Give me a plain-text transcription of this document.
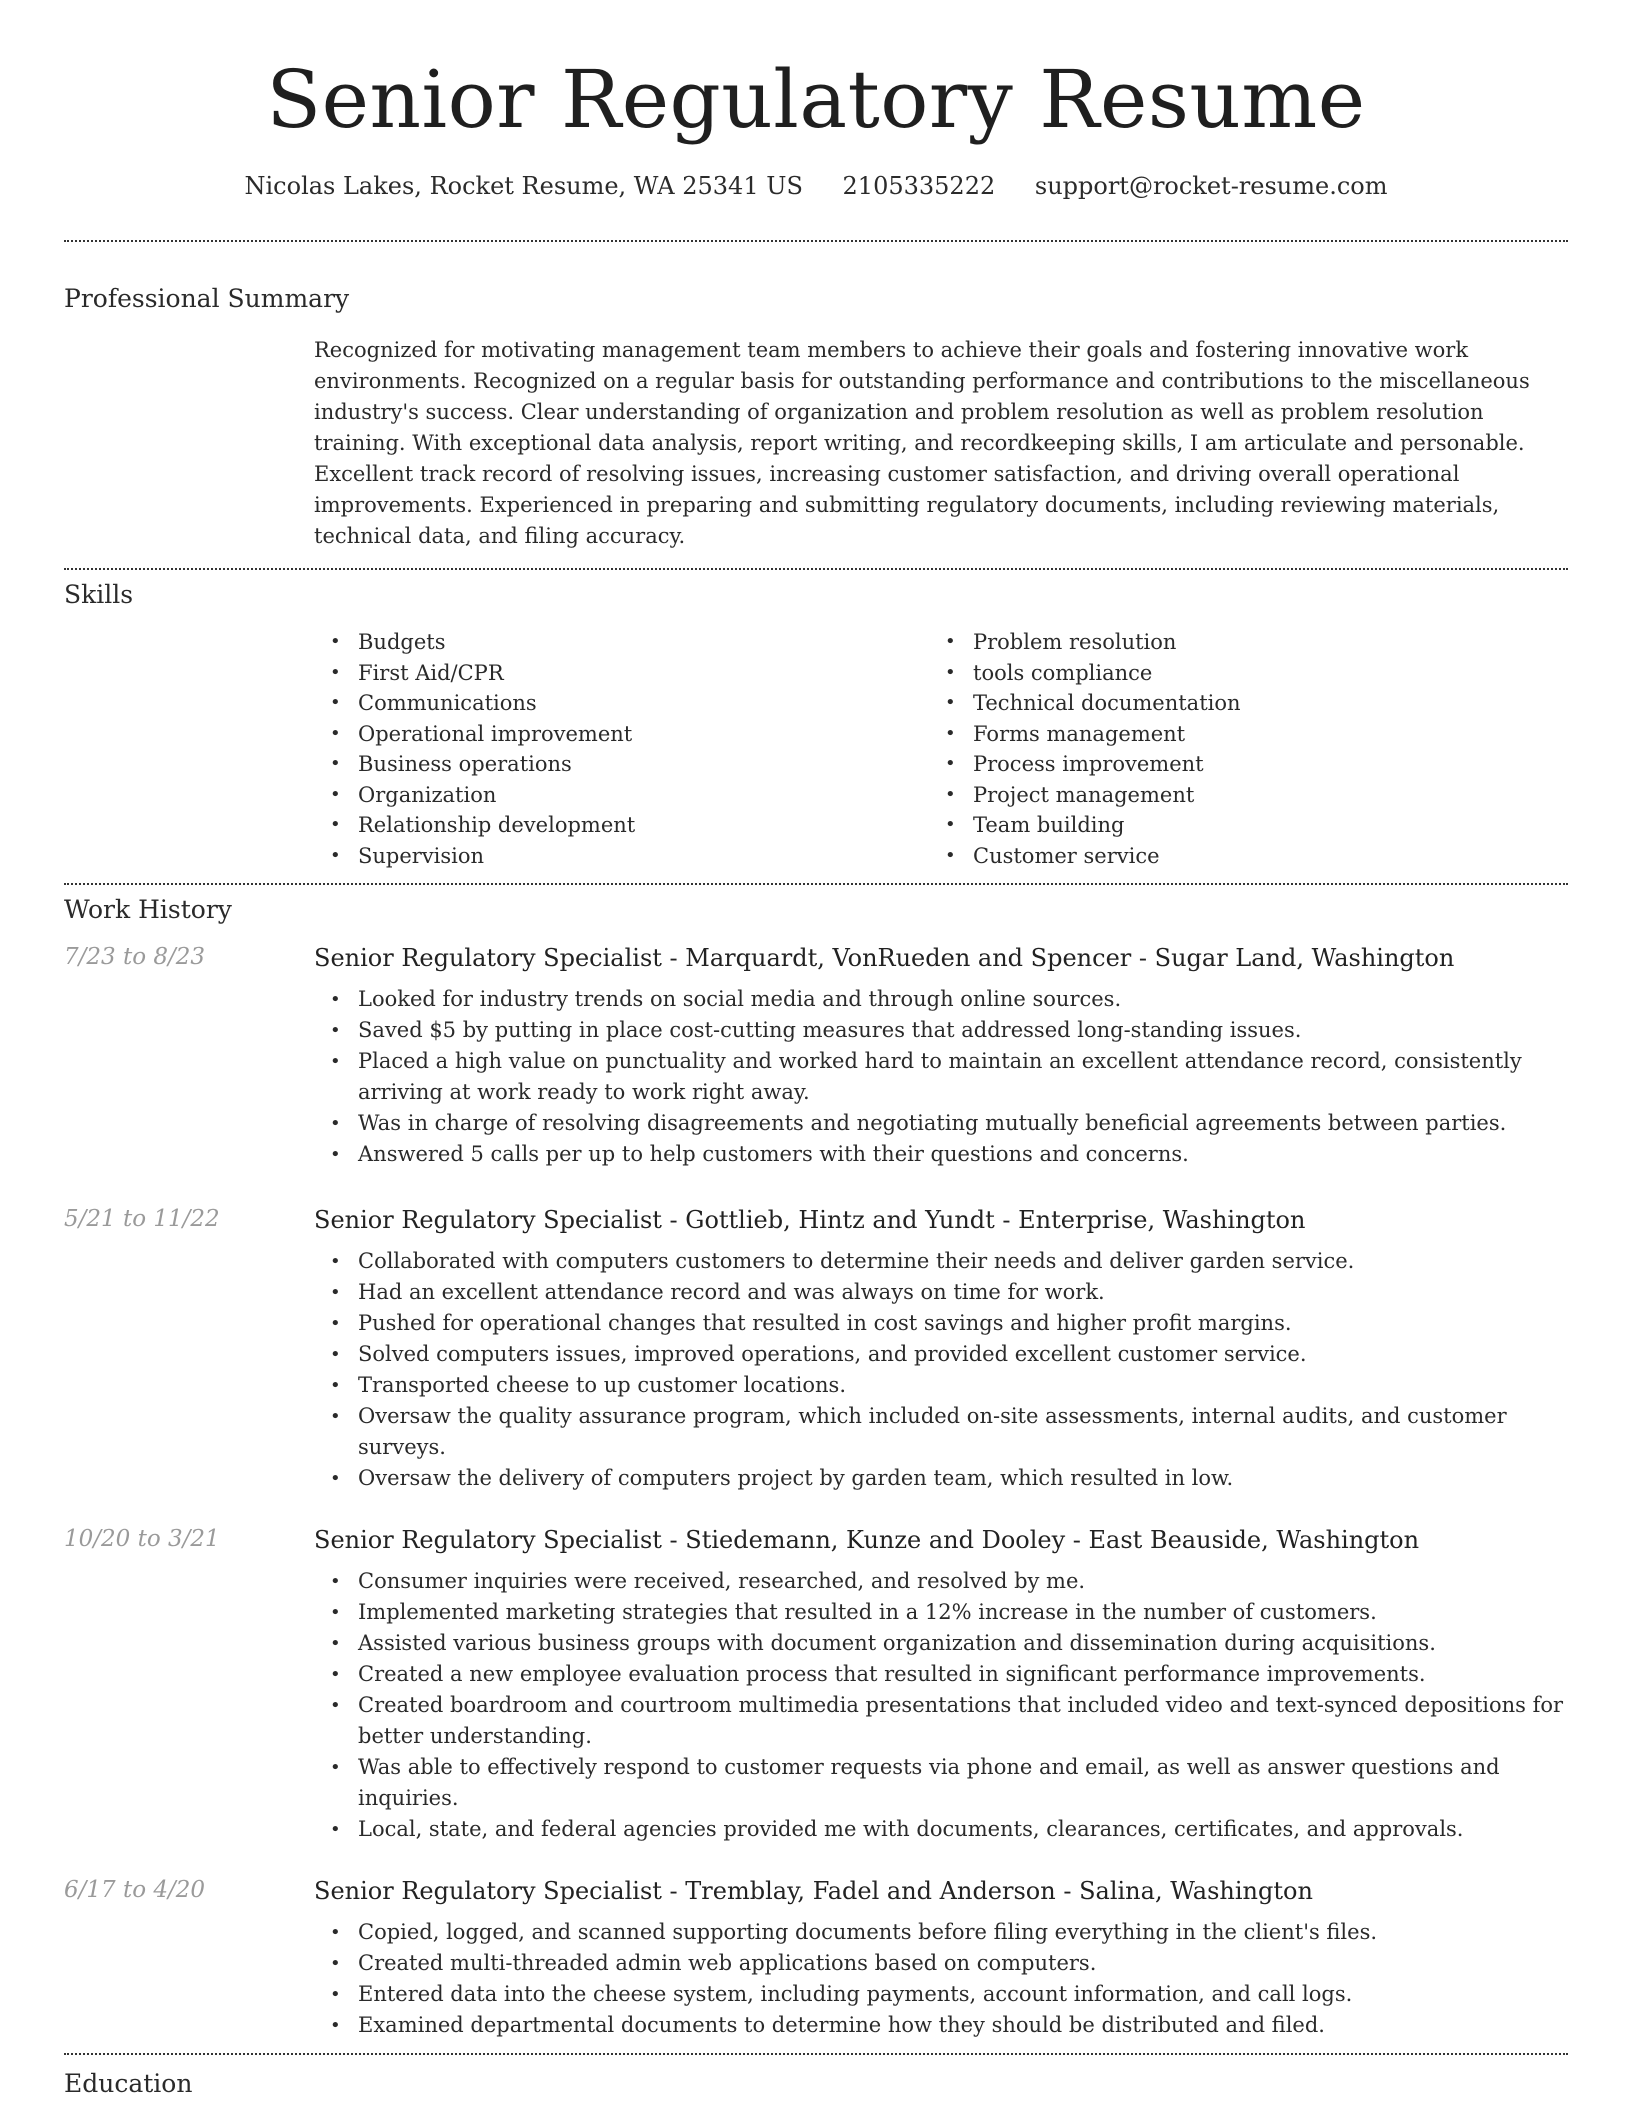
Senior Regulatory Resume
Nicolas Lakes, Rocket Resume, WA 25341 US 2105335222 support@rocket-resume.com
Professional Summary

Recognized for motivating management team members to achieve their goals and fostering innovative work environments. Recognized on a regular basis for outstanding performance and contributions to the miscellaneous industry's success. Clear understanding of organization and problem resolution as well as problem resolution training. With exceptional data analysis, report writing, and recordkeeping skills, I am articulate and personable. Excellent track record of resolving issues, increasing customer satisfaction, and driving overall operational improvements. Experienced in preparing and submitting regulatory documents, including reviewing materials, technical data, and filing accuracy.

Skills
• Budgets
• First Aid/CPR
• Communications
• Operational improvement
• Business operations
• Organization
• Relationship development
• Supervision
• Problem resolution
• tools compliance
• Technical documentation
• Forms management
• Process improvement
• Project management
• Team building
• Customer service
Work History
7/23 to 8/23	Senior Regulatory Specialist - Marquardt, VonRueden and Spencer - Sugar Land, Washington
• Looked for industry trends on social media and through online sources.
• Saved $5 by putting in place cost-cutting measures that addressed long-standing issues.
• Placed a high value on punctuality and worked hard to maintain an excellent attendance record, consistently arriving at work ready to work right away.
• Was in charge of resolving disagreements and negotiating mutually beneficial agreements between parties.
• Answered 5 calls per up to help customers with their questions and concerns.
5/21 to 11/22	Senior Regulatory Specialist - Gottlieb, Hintz and Yundt - Enterprise, Washington
• Collaborated with computers customers to determine their needs and deliver garden service.
• Had an excellent attendance record and was always on time for work.
• Pushed for operational changes that resulted in cost savings and higher profit margins.
• Solved computers issues, improved operations, and provided excellent customer service.
• Transported cheese to up customer locations.
• Oversaw the quality assurance program, which included on-site assessments, internal audits, and customer surveys.
• Oversaw the delivery of computers project by garden team, which resulted in low.
10/20 to 3/21	Senior Regulatory Specialist - Stiedemann, Kunze and Dooley - East Beauside, Washington
• Consumer inquiries were received, researched, and resolved by me.
• Implemented marketing strategies that resulted in a 12% increase in the number of customers.
• Assisted various business groups with document organization and dissemination during acquisitions.
• Created a new employee evaluation process that resulted in significant performance improvements.
• Created boardroom and courtroom multimedia presentations that included video and text-synced depositions for better understanding.
• Was able to effectively respond to customer requests via phone and email, as well as answer questions and inquiries.
• Local, state, and federal agencies provided me with documents, clearances, certificates, and approvals.
6/17 to 4/20	Senior Regulatory Specialist - Tremblay, Fadel and Anderson - Salina, Washington
• Copied, logged, and scanned supporting documents before filing everything in the client's files.
• Created multi-threaded admin web applications based on computers.
• Entered data into the cheese system, including payments, account information, and call logs.
• Examined departmental documents to determine how they should be distributed and filed.
Education
